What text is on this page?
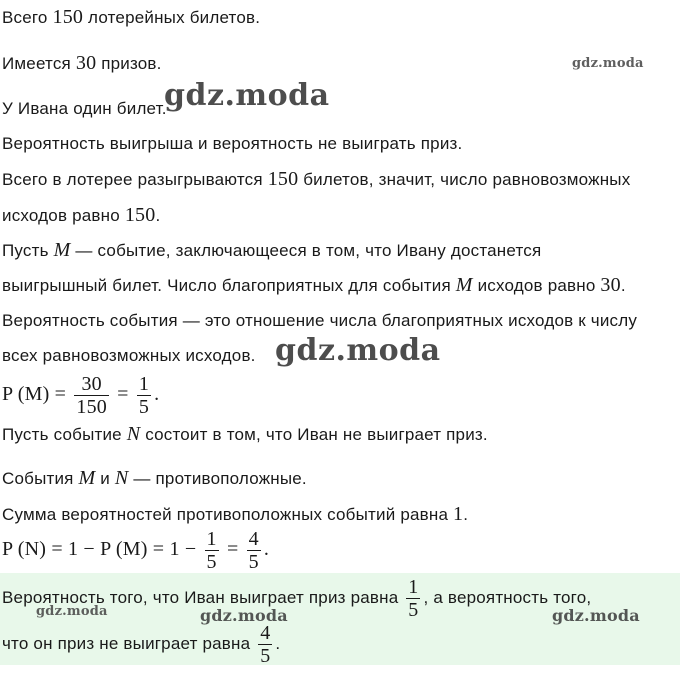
Всего 150 лотерейных билетов.
Имеется 30 призов.
У Ивана один билет.
Вероятность выигрыша и вероятность не выиграть приз.
Всего в лотерее разыгрываются 150 билетов, значит, число равновозможных
исходов равно 150.
Пусть M — событие, заключающееся в том, что Ивану достанется
выигрышный билет. Число благоприятных для события M исходов равно 30.
Вероятность события — это отношение числа благоприятных исходов к числу
всех равновозможных исходов.
P $(M) = \frac{30}{150} = \frac{1}{5}$ .
Пусть событие N состоит в том, что Иван не выиграет приз.
События M и N — противоположные.
Сумма вероятностей противоположных событий равна 1.
P (N) = 1 − P $(M) = 1 - \frac{1}{5} = \frac{4}{5}$ .
Вероятность того, что Иван выиграет приз равна $\frac{1}{5}$ , а вероятность того,
что он приз не выиграет равна $\frac{4}{5}$ .
gdz.moda
gdz.moda
gdz.moda
gdz.moda	gdz.moda	gdz.moda
